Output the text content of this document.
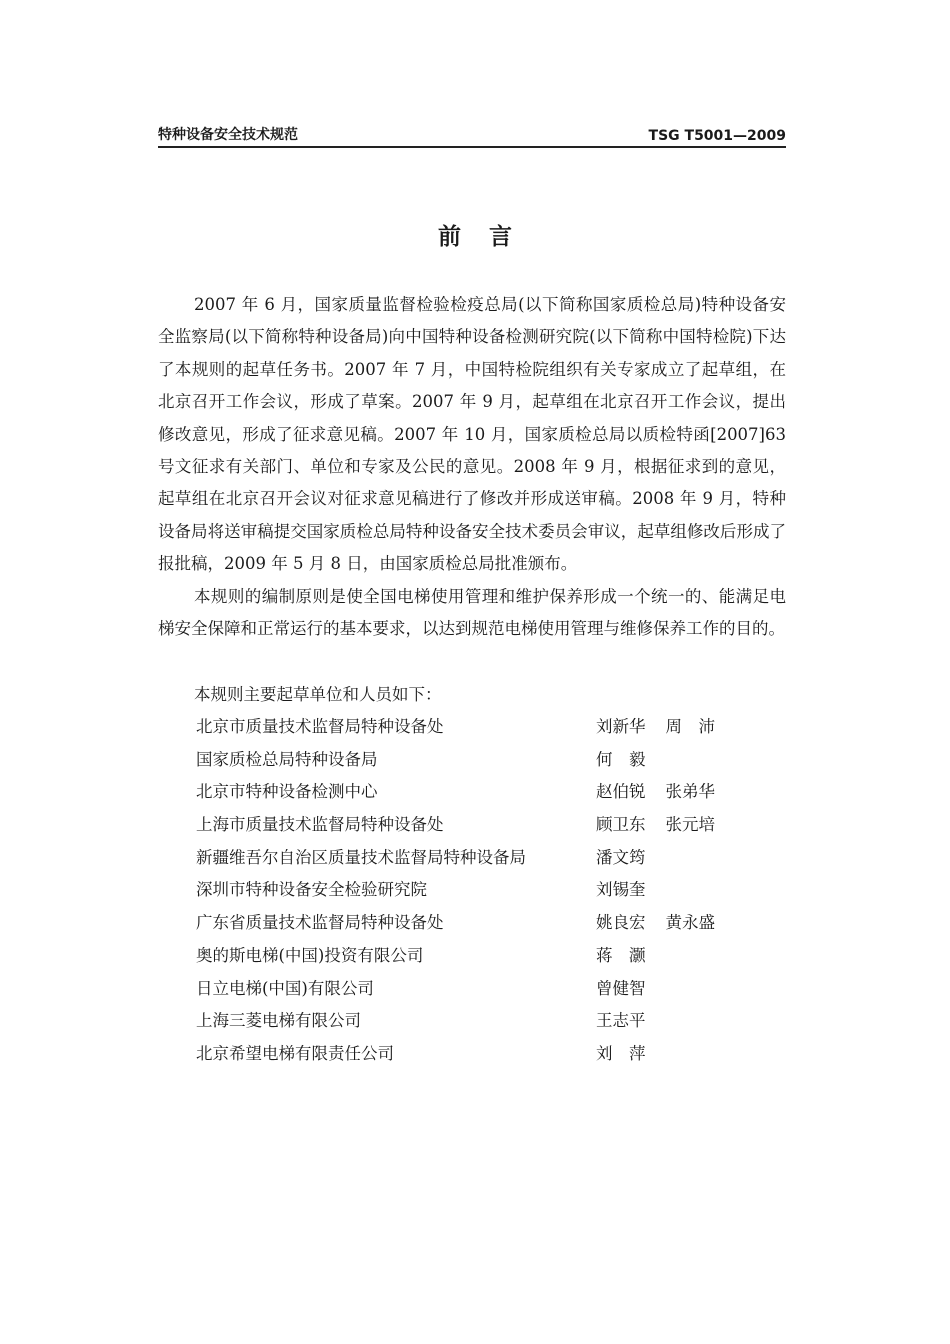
特种设备安全技术规范	TSG T5001—2009
前言
2007 年 6 月，国家质量监督检验检疫总局(以下简称国家质检总局)特种设备安全监察局(以下简称特种设备局)向中国特种设备检测研究院(以下简称中国特检院)下达了本规则的起草任务书。2007 年 7 月，中国特检院组织有关专家成立了起草组，在北京召开工作会议，形成了草案。2007 年 9 月，起草组在北京召开工作会议，提出修改意见，形成了征求意见稿。2007 年 10 月，国家质检总局以质检特函[2007]63 号文征求有关部门、单位和专家及公民的意见。2008 年 9 月，根据征求到的意见，起草组在北京召开会议对征求意见稿进行了修改并形成送审稿。2008 年 9 月，特种设备局将送审稿提交国家质检总局特种设备安全技术委员会审议，起草组修改后形成了报批稿，2009 年 5 月 8 日，由国家质检总局批准颁布。
本规则的编制原则是使全国电梯使用管理和维护保养形成一个统一的、能满足电梯安全保障和正常运行的基本要求，以达到规范电梯使用管理与维修保养工作的目的。
本规则主要起草单位和人员如下：
北京市质量技术监督局特种设备处	刘新华 周　沛
国家质检总局特种设备局	何　毅
北京市特种设备检测中心	赵伯锐 张弟华
上海市质量技术监督局特种设备处	顾卫东 张元培
新疆维吾尔自治区质量技术监督局特种设备局	潘文筠
深圳市特种设备安全检验研究院	刘锡奎
广东省质量技术监督局特种设备处	姚良宏 黄永盛
奥的斯电梯(中国)投资有限公司	蒋　灏
日立电梯(中国)有限公司	曾健智
上海三菱电梯有限公司	王志平
北京希望电梯有限责任公司	刘　萍
